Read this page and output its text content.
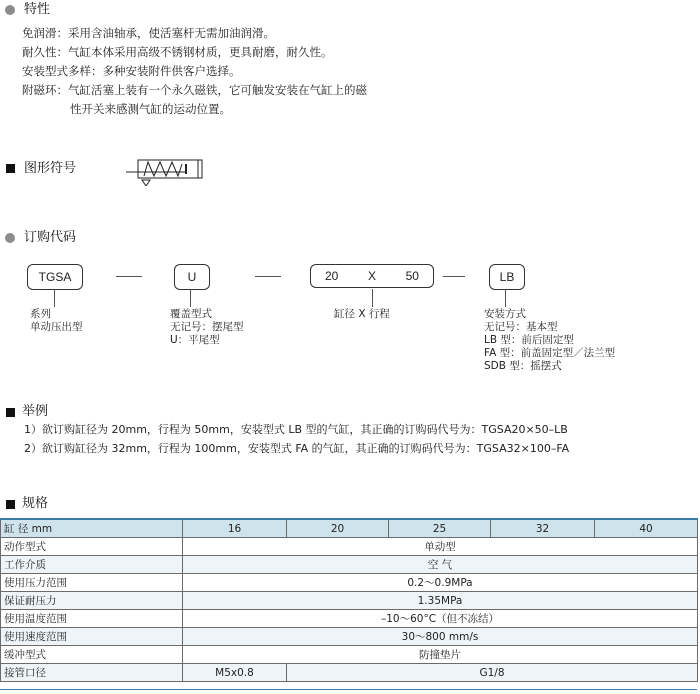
特性
免润滑：采用含油轴承，使活塞杆无需加油润滑。
耐久性：气缸本体采用高级不锈钢材质，更具耐磨，耐久性。
安装型式多样：多种安装附件供客户选择。
附磁环：气缸活塞上装有一个永久磁铁，它可触发安装在气缸上的磁
性开关来感测气缸的运动位置。
图形符号
订购代码
TGSA	U	20 X 50	LB
系列
单动压出型
覆盖型式
无记号：摆尾型
U：平尾型
缸径 X 行程	安装方式
无记号：基本型
LB 型：前后固定型
FA 型：前盖固定型／法兰型
SDB 型：摇摆式
举例
1）欲订购缸径为 20mm，行程为 50mm，安装型式 LB 型的气缸，其正确的订购码代号为：TGSA20×50–LB
2）欲订购缸径为 32mm，行程为 100mm，安装型式 FA 的气缸，其正确的订购码代号为：TGSA32×100–FA
规格
缸 径 mm	16	20	25	32	40
动作型式	单动型				
工作介质	空 气				
使用压力范围	0.2～0.9MPa				
保证耐压力	1.35MPa				
使用温度范围	–10～60°C（但不冻结）				
使用速度范围	30～800 mm/s				
缓冲型式	防撞垫片				
接管口径	M5x0.8	G1/8			
